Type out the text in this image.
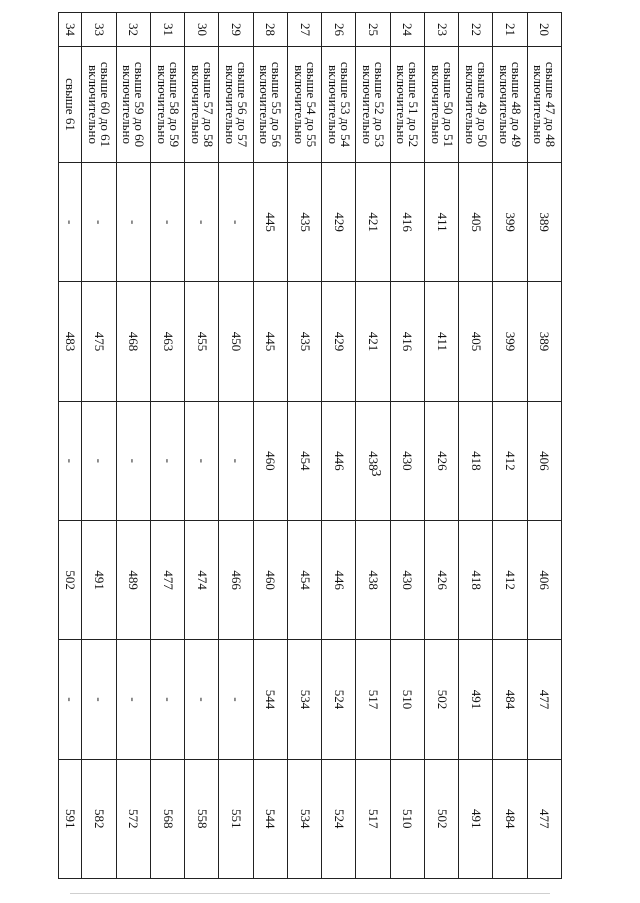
3
20	свыше 47 до 48 включительно	389	389	406	406	477	477
21	свыше 48 до 49 включительно	399	399	412	412	484	484
22	свыше 49 до 50 включительно	405	405	418	418	491	491
23	свыше 50 до 51 включительно	411	411	426	426	502	502
24	свыше 51 до 52 включительно	416	416	430	430	510	510
25	свыше 52 до 53 включительно	421	421	438	438	517	517
26	свыше 53 до 54 включительно	429	429	446	446	524	524
27	свыше 54 до 55 включительно	435	435	454	454	534	534
28	свыше 55 до 56 включительно	445	445	460	460	544	544
29	свыше 56 до 57 включительно	-	450	-	466	-	551
30	свыше 57 до 58 включительно	-	455	-	474	-	558
31	свыше 58 до 59 включительно	-	463	-	477	-	568
32	свыше 59 до 60 включительно	-	468	-	489	-	572
33	свыше 60 до 61 включительно	-	475	-	491	-	582
34	свыше 61	-	483	-	502	-	591
